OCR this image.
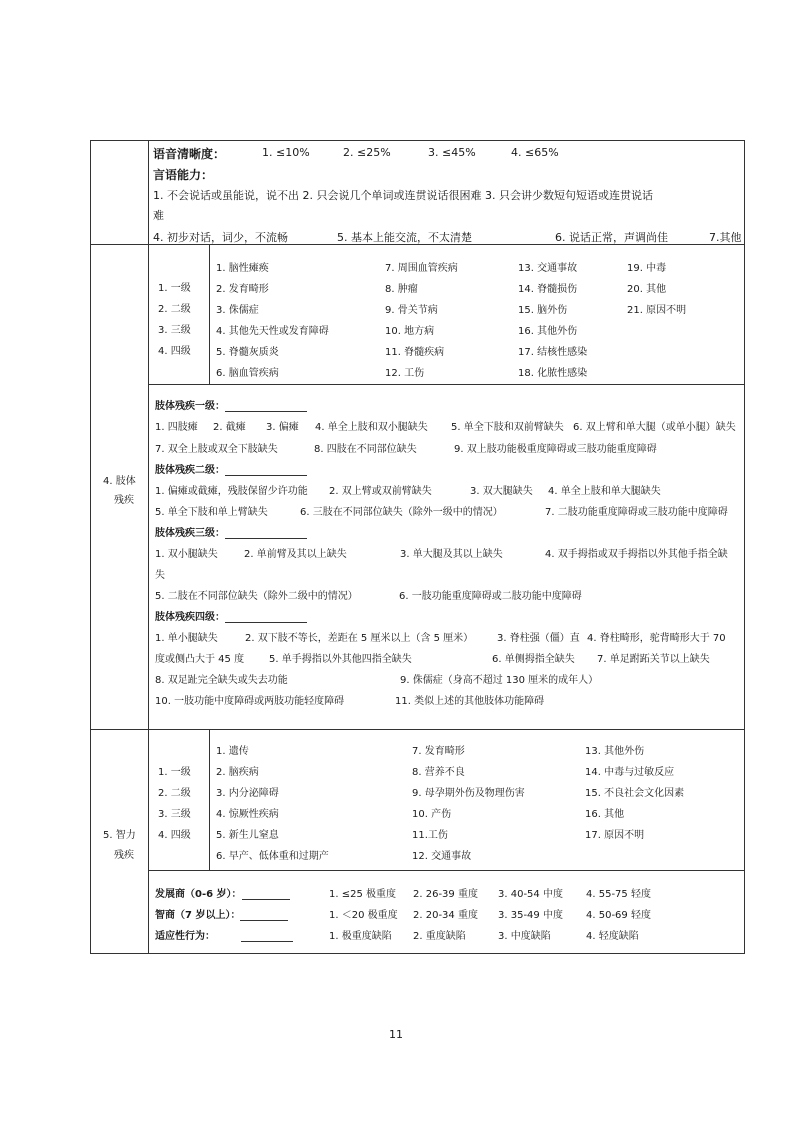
语音清晰度：	1. ≤10%	2. ≤25%	3. ≤45%	4. ≤65%
言语能力：
1. 不会说话或虽能说，说不出 2. 只会说几个单词或连贯说话很困难 3. 只会讲少数短句短语或连贯说话
难
4. 初步对话，词少，不流畅	5. 基本上能交流，不太清楚	6. 说话正常，声调尚佳	7.其他
4. 肢体
残疾
1. 一级
2. 二级
3. 三级
4. 四级
1. 脑性瘫痪	7. 周围血管疾病	13. 交通事故	19. 中毒
2. 发育畸形	8. 肿瘤	14. 脊髓损伤	20. 其他
3. 侏儒症	9. 骨关节病	15. 脑外伤	21. 原因不明
4. 其他先天性或发育障碍	10. 地方病	16. 其他外伤
5. 脊髓灰质炎	11. 脊髓疾病	17. 结核性感染
6. 脑血管疾病	12. 工伤	18. 化脓性感染
肢体残疾一级：
1. 四肢瘫 2. 截瘫 3. 偏瘫 4. 单全上肢和双小腿缺失 5. 单全下肢和双前臂缺失 6. 双上臂和单大腿（或单小腿）缺失
7. 双全上肢或双全下肢缺失	8. 四肢在不同部位缺失	9. 双上肢功能极重度障碍或三肢功能重度障碍
肢体残疾二级：
1. 偏瘫或截瘫，残肢保留少许功能 2. 双上臂或双前臂缺失	3. 双大腿缺失 4. 单全上肢和单大腿缺失
5. 单全下肢和单上臂缺失	6. 三肢在不同部位缺失（除外一级中的情况）	7. 二肢功能重度障碍或三肢功能中度障碍
肢体残疾三级：
1. 双小腿缺失	2. 单前臂及其以上缺失	3. 单大腿及其以上缺失	4. 双手拇指或双手拇指以外其他手指全缺
失
5. 二肢在不同部位缺失（除外二级中的情况）	6. 一肢功能重度障碍或二肢功能中度障碍
肢体残疾四级：
1. 单小腿缺失	2. 双下肢不等长，差距在 5 厘米以上（含 5 厘米） 3. 脊柱强（僵）直 4. 脊柱畸形，驼背畸形大于 70
度或侧凸大于 45 度 5. 单手拇指以外其他四指全缺失	6. 单侧拇指全缺失 7. 单足跗跖关节以上缺失
8. 双足趾完全缺失或失去功能	9. 侏儒症（身高不超过 130 厘米的成年人）
10. 一肢功能中度障碍或两肢功能轻度障碍	11. 类似上述的其他肢体功能障碍
5. 智力
残疾
1. 一级
2. 二级
3. 三级
4. 四级
1. 遗传	7. 发育畸形	13. 其他外伤
2. 脑疾病	8. 营养不良	14. 中毒与过敏反应
3. 内分泌障碍	9. 母孕期外伤及物理伤害	15. 不良社会文化因素
4. 惊厥性疾病	10. 产伤	16. 其他
5. 新生儿窒息	11.工伤	17. 原因不明
6. 早产、低体重和过期产	12. 交通事故
发展商（0-6 岁）：	1. ≤25 极重度 2. 26-39 重度 3. 40-54 中度 4. 55-75 轻度
智商（7 岁以上）：	1. ＜20 极重度 2. 20-34 重度 3. 35-49 中度 4. 50-69 轻度
适应性行为：	1. 极重度缺陷 2. 重度缺陷	3. 中度缺陷	4. 轻度缺陷
11
